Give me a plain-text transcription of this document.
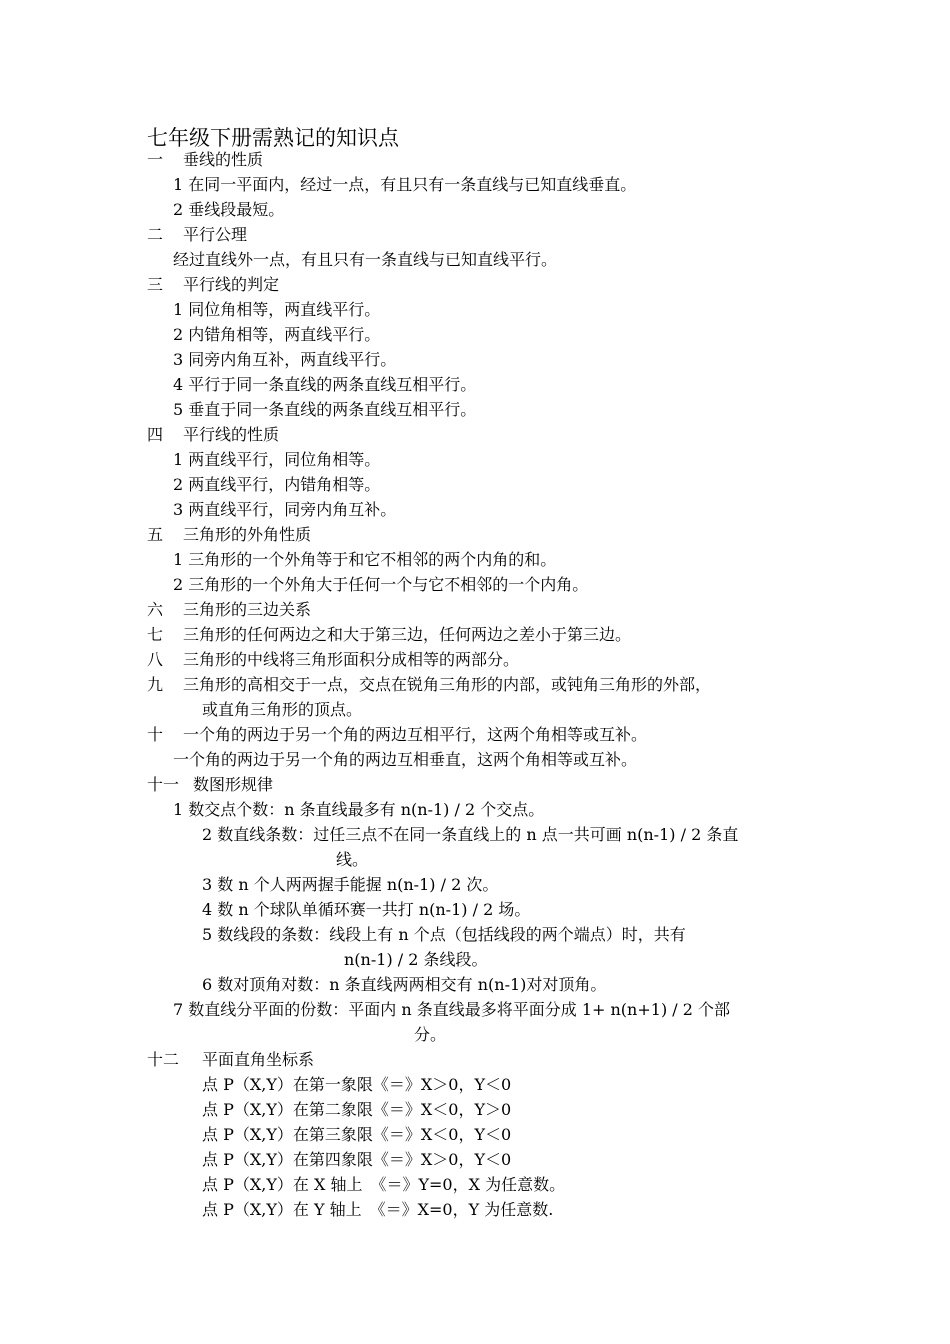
七年级下册需熟记的知识点
一 垂线的性质
1 在同一平面内，经过一点，有且只有一条直线与已知直线垂直。
2 垂线段最短。
二 平行公理
经过直线外一点，有且只有一条直线与已知直线平行。
三 平行线的判定
1 同位角相等，两直线平行。
2 内错角相等，两直线平行。
3 同旁内角互补，两直线平行。
4 平行于同一条直线的两条直线互相平行。
5 垂直于同一条直线的两条直线互相平行。
四 平行线的性质
1 两直线平行，同位角相等。
2 两直线平行，内错角相等。
3 两直线平行，同旁内角互补。
五 三角形的外角性质
1 三角形的一个外角等于和它不相邻的两个内角的和。
2 三角形的一个外角大于任何一个与它不相邻的一个内角。
六 三角形的三边关系
七 三角形的任何两边之和大于第三边，任何两边之差小于第三边。
八 三角形的中线将三角形面积分成相等的两部分。
九 三角形的高相交于一点，交点在锐角三角形的内部，或钝角三角形的外部，
或直角三角形的顶点。
十 一个角的两边于另一个角的两边互相平行，这两个角相等或互补。
一个角的两边于另一个角的两边互相垂直，这两个角相等或互补。
十一 数图形规律
1 数交点个数：n 条直线最多有 n(n-1) / 2 个交点。
2 数直线条数：过任三点不在同一条直线上的 n 点一共可画 n(n-1) / 2 条直
线。
3 数 n 个人两两握手能握 n(n-1) / 2 次。
4 数 n 个球队单循环赛一共打 n(n-1) / 2 场。
5 数线段的条数：线段上有 n 个点（包括线段的两个端点）时，共有
n(n-1) / 2 条线段。
6 数对顶角对数：n 条直线两两相交有 n(n-1)对对顶角。
7 数直线分平面的份数：平面内 n 条直线最多将平面分成 1+ n(n+1) / 2 个部
分。
十二 平面直角坐标系
点 P（X,Y）在第一象限《＝》X＞0，Y＜0
点 P（X,Y）在第二象限《＝》X＜0，Y＞0
点 P（X,Y）在第三象限《＝》X＜0，Y＜0
点 P（X,Y）在第四象限《＝》X＞0，Y＜0
点 P（X,Y）在 X 轴上　《＝》Y=0，X 为任意数。
点 P（X,Y）在 Y 轴上　《＝》X=0，Y 为任意数.
